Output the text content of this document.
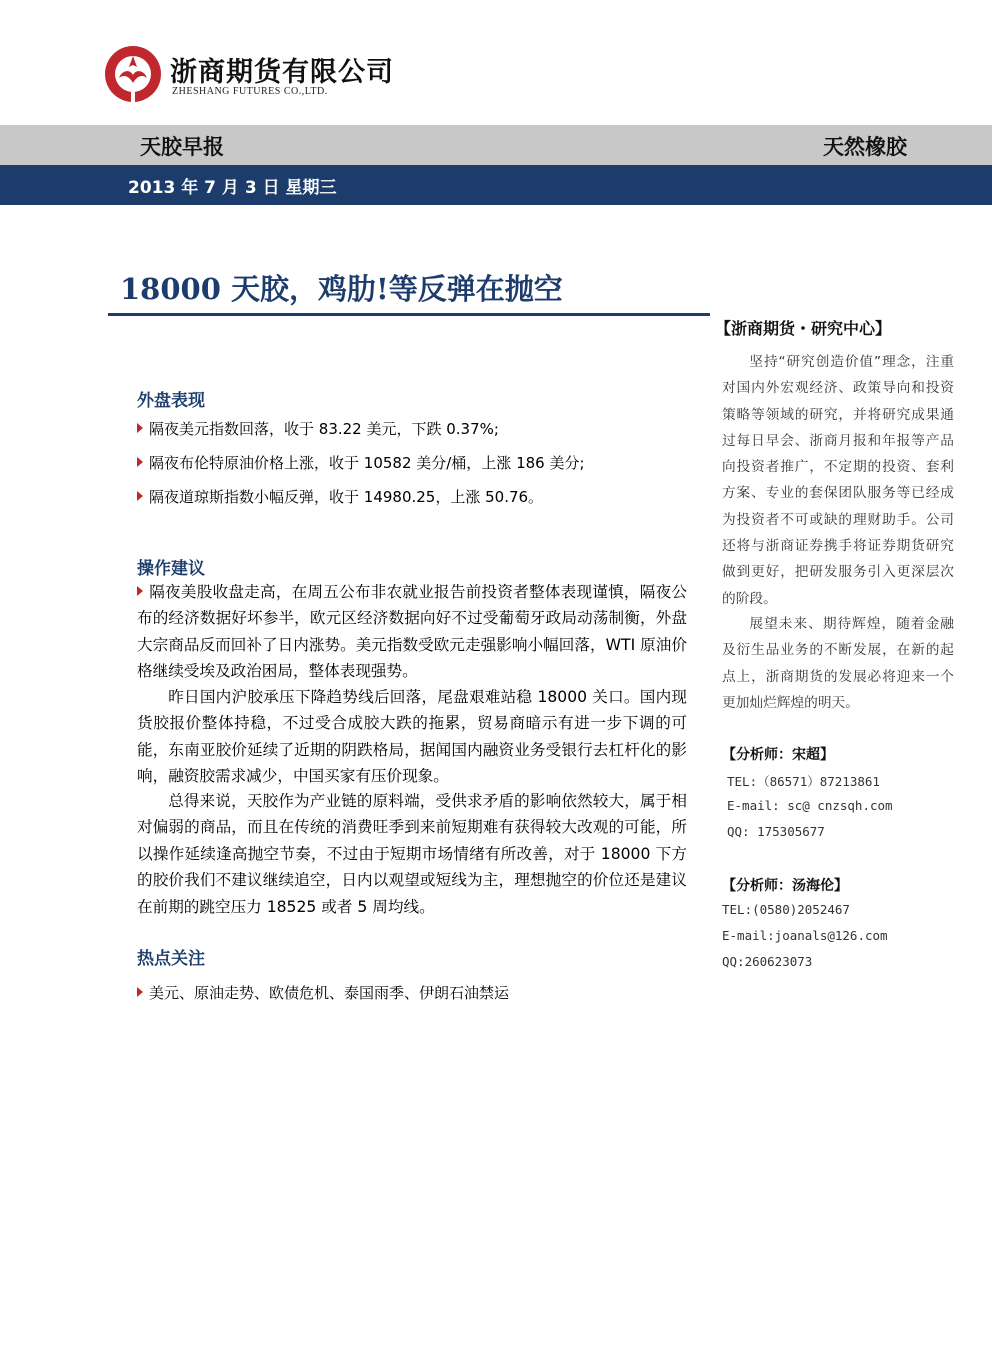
浙商期货有限公司
ZHESHANG FUTURES CO.,LTD.
天胶早报	天然橡胶
2013 年 7 月 3 日 星期三
18000 天胶，鸡肋!等反弹在抛空
外盘表现
隔夜美元指数回落，收于 83.22 美元，下跌 0.37%;
隔夜布伦特原油价格上涨，收于 10582 美分/桶，上涨 186 美分;
隔夜道琼斯指数小幅反弹，收于 14980.25，上涨 50.76。
操作建议
隔夜美股收盘走高，在周五公布非农就业报告前投资者整体表现谨慎，隔夜公布的经济数据好坏参半，欧元区经济数据向好不过受葡萄牙政局动荡制衡，外盘大宗商品反而回补了日内涨势。美元指数受欧元走强影响小幅回落，WTI 原油价格继续受埃及政治困局，整体表现强势。
昨日国内沪胶承压下降趋势线后回落，尾盘艰难站稳 18000 关口。国内现货胶报价整体持稳，不过受合成胶大跌的拖累，贸易商暗示有进一步下调的可能，东南亚胶价延续了近期的阴跌格局，据闻国内融资业务受银行去杠杆化的影响，融资胶需求减少，中国买家有压价现象。
总得来说，天胶作为产业链的原料端，受供求矛盾的影响依然较大，属于相对偏弱的商品，而且在传统的消费旺季到来前短期难有获得较大改观的可能，所以操作延续逢高抛空节奏，不过由于短期市场情绪有所改善，对于 18000 下方的胶价我们不建议继续追空，日内以观望或短线为主，理想抛空的价位还是建议在前期的跳空压力 18525 或者 5 周均线。
热点关注
美元、原油走势、欧债危机、泰国雨季、伊朗石油禁运
【浙商期货・研究中心】
坚持“研究创造价值”理念，注重对国内外宏观经济、政策导向和投资策略等领域的研究，并将研究成果通过每日早会、浙商月报和年报等产品向投资者推广，不定期的投资、套利方案、专业的套保团队服务等已经成为投资者不可或缺的理财助手。公司还将与浙商证券携手将证券期货研究做到更好，把研发服务引入更深层次的阶段。
展望未来、期待辉煌，随着金融及衍生品业务的不断发展，在新的起点上，浙商期货的发展必将迎来一个更加灿烂辉煌的明天。
【分析师：宋超】
TEL:（86571）87213861
E-mail: sc@ cnzsqh.com
QQ: 175305677
【分析师：汤海伦】
TEL:(0580)2052467
E-mail:joanals@126.com
QQ:260623073
